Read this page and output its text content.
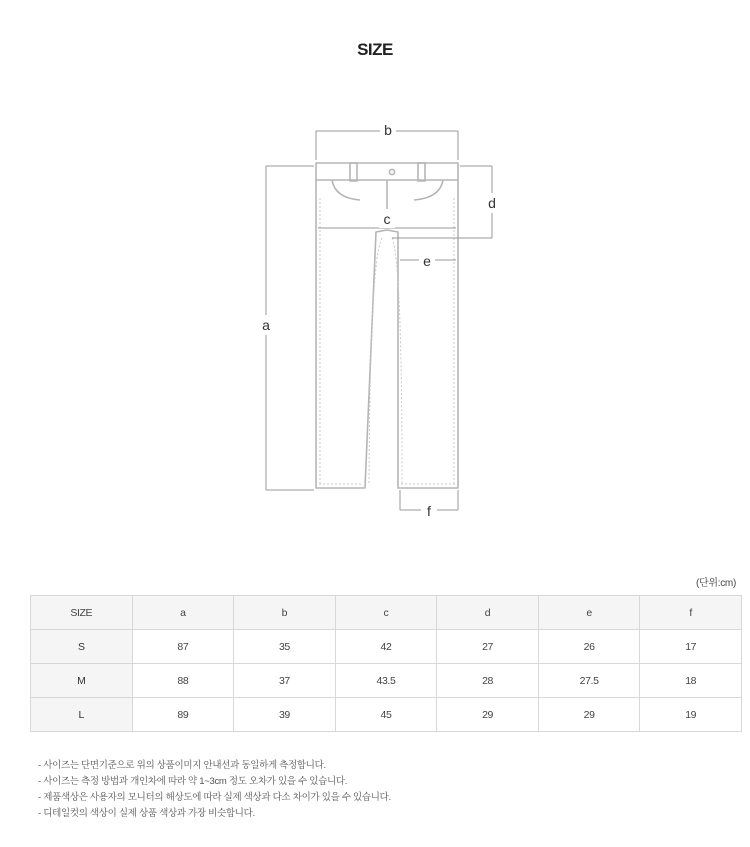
SIZE
b
a
c
d
e
f
(단위:cm)
SIZE	a	b	c	d	e	f
S	87	35	42	27	26	17
M	88	37	43.5	28	27.5	18
L	89	39	45	29	29	19
- 사이즈는 단면기준으로 위의 상품이미지 안내선과 동일하게 측정합니다.
- 사이즈는 측정 방법과 개인차에 따라 약 1~3cm 정도 오차가 있을 수 있습니다.
- 제품색상은 사용자의 모니터의 해상도에 따라 실제 색상과 다소 차이가 있을 수 있습니다.
- 디테일컷의 색상이 실제 상품 색상과 가장 비슷합니다.
